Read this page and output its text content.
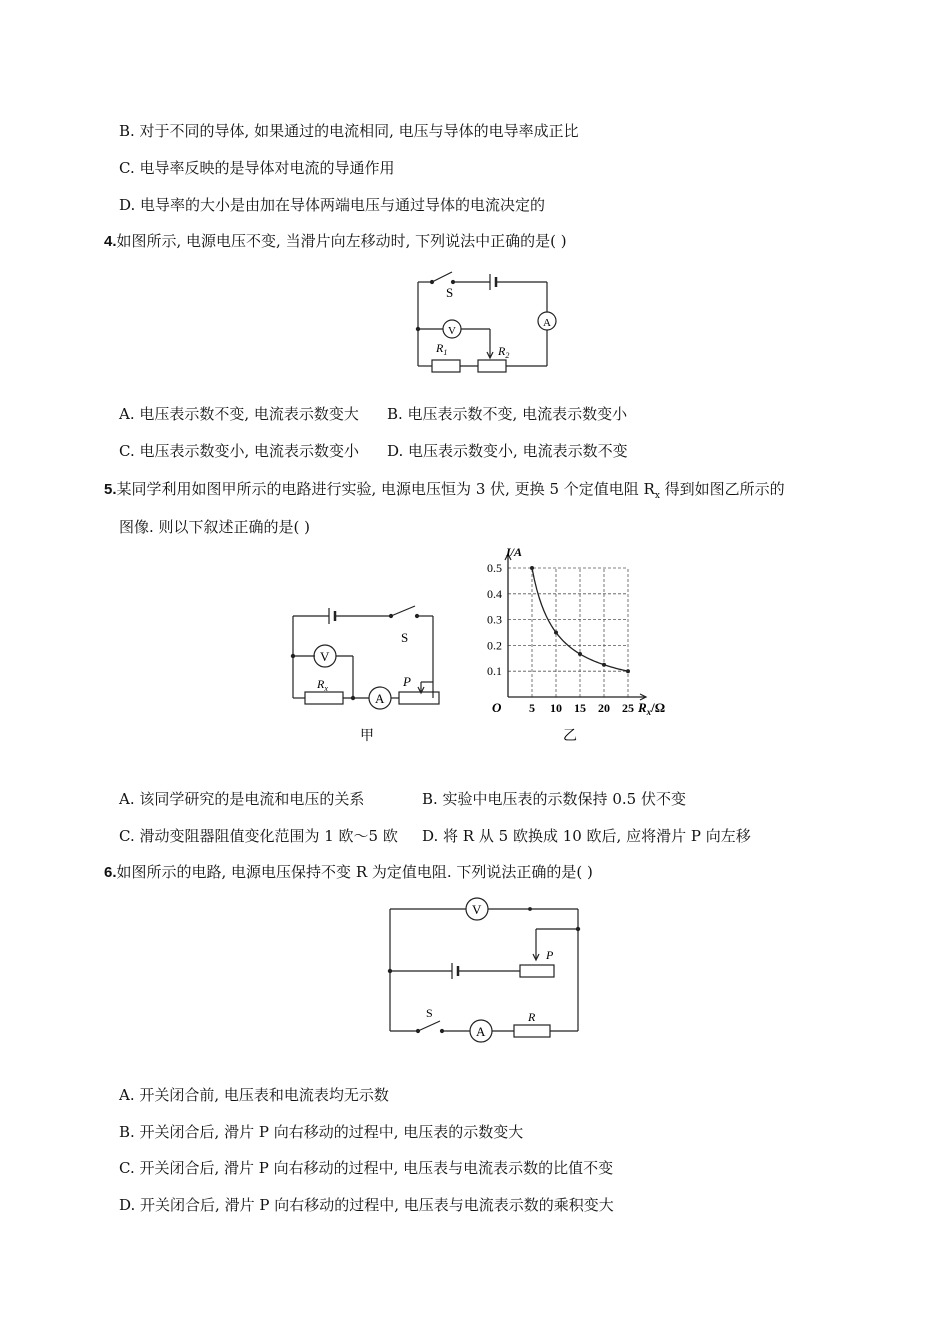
B. 对于不同的导体, 如果通过的电流相同, 电压与导体的电导率成正比
C. 电导率反映的是导体对电流的导通作用
D. 电导率的大小是由加在导体两端电压与通过导体的电流决定的
4.如图所示, 电源电压不变, 当滑片向左移动时, 下列说法中正确的是( )
S
A
V
$R_1$	$R_2$
A. 电压表示数不变, 电流表示数变大 B. 电压表示数不变, 电流表示数变小
C. 电压表示数变小, 电流表示数变小 D. 电压表示数变小, 电流表示数不变
5.某同学利用如图甲所示的电路进行实验, 电源电压恒为 3 伏, 更换 5 个定值电阻 $R_x$ 得到如图乙所示的
图像. 则以下叙述正确的是( )
S
V
A
$R_x$	P
甲
5 10 15 20 25
0.1
0.2
0.3
0.4
0.5
I/A
$R_x/\Omega$
O
乙
A. 该同学研究的是电流和电压的关系	B. 实验中电压表的示数保持 0.5 伏不变
C. 滑动变阻器阻值变化范围为 1 欧～5 欧 D. 将 R 从 5 欧换成 10 欧后, 应将滑片 P 向左移
6.如图所示的电路, 电源电压保持不变 R 为定值电阻. 下列说法正确的是( )
V
P
S
A
R
A. 开关闭合前, 电压表和电流表均无示数
B. 开关闭合后, 滑片 P 向右移动的过程中, 电压表的示数变大
C. 开关闭合后, 滑片 P 向右移动的过程中, 电压表与电流表示数的比值不变
D. 开关闭合后, 滑片 P 向右移动的过程中, 电压表与电流表示数的乘积变大
